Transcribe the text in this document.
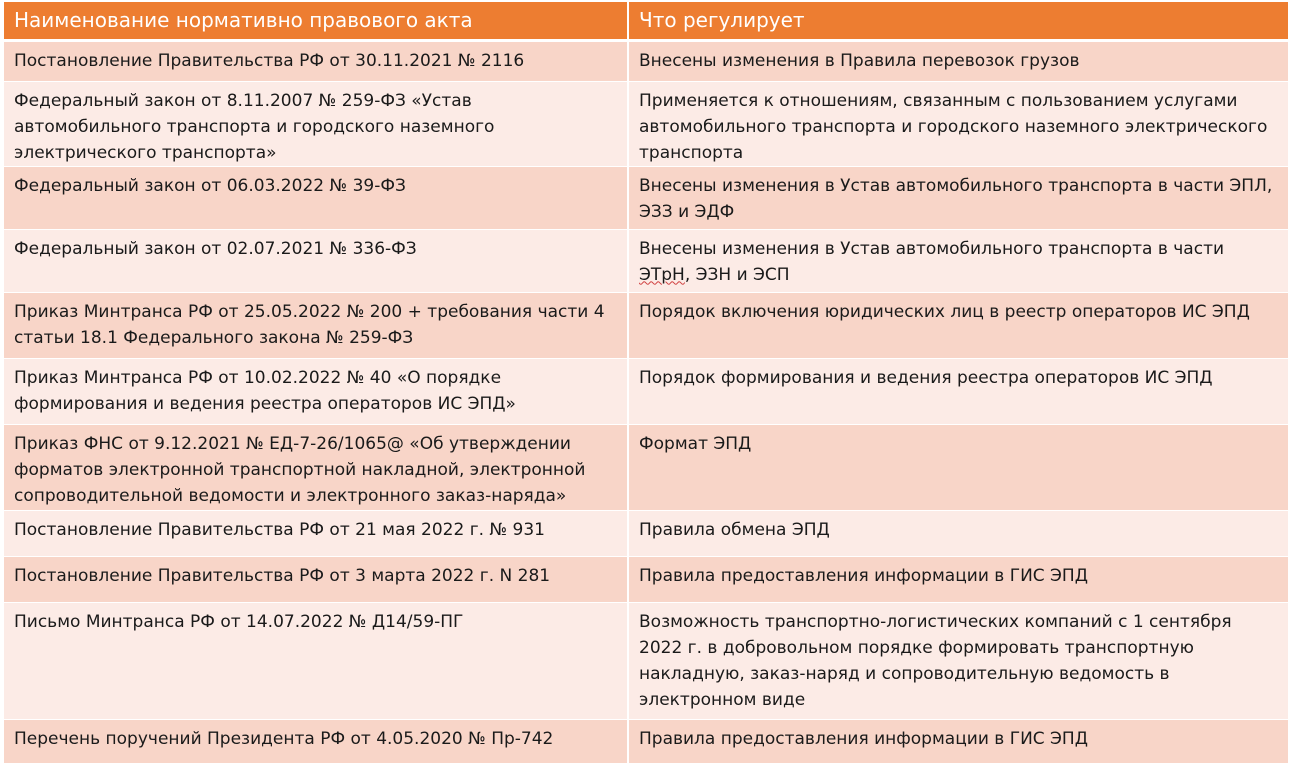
Наименование нормативно правового акта	Что регулирует
Постановление Правительства РФ от 30.11.2021 № 2116	Внесены изменения в Правила перевозок грузов
Федеральный закон от 8.11.2007 № 259-ФЗ «Устав автомобильного транспорта и городского наземного электрического транспорта»	Применяется к отношениям, связанным с пользованием услугами автомобильного транспорта и городского наземного электрического транспорта
Федеральный закон от 06.03.2022 № 39-ФЗ	Внесены изменения в Устав автомобильного транспорта в части ЭПЛ, ЭЗЗ и ЭДФ
Федеральный закон от 02.07.2021 № 336-ФЗ	Внесены изменения в Устав автомобильного транспорта в части ЭТрН, ЭЗН и ЭСП
Приказ Минтранса РФ от 25.05.2022 № 200 + требования части 4 статьи 18.1 Федерального закона № 259-ФЗ	Порядок включения юридических лиц в реестр операторов ИС ЭПД
Приказ Минтранса РФ от 10.02.2022 № 40 «О порядке формирования и ведения реестра операторов ИС ЭПД»	Порядок формирования и ведения реестра операторов ИС ЭПД
Приказ ФНС от 9.12.2021 № ЕД-7-26/1065@ «Об утверждении форматов электронной транспортной накладной, электронной сопроводительной ведомости и электронного заказ-наряда»	Формат ЭПД
Постановление Правительства РФ от 21 мая 2022 г. № 931	Правила обмена ЭПД
Постановление Правительства РФ от 3 марта 2022 г. N 281	Правила предоставления информации в ГИС ЭПД
Письмо Минтранса РФ от 14.07.2022 № Д14/59-ПГ	Возможность транспортно-логистических компаний с 1 сентября 2022 г. в добровольном порядке формировать транспортную накладную, заказ-наряд и сопроводительную ведомость в электронном виде
Перечень поручений Президента РФ от 4.05.2020 № Пр-742	Правила предоставления информации в ГИС ЭПД
